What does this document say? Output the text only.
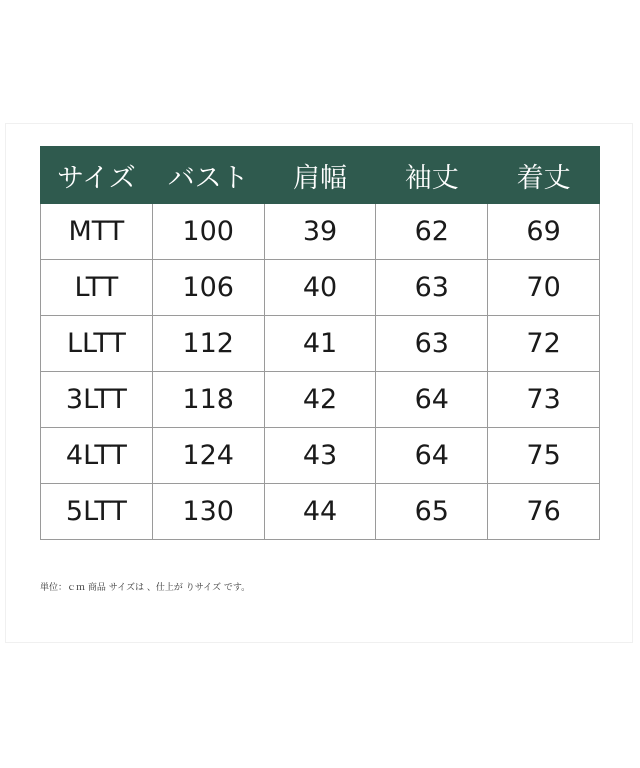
サイズ	バスト	肩幅	袖丈	着丈
MTT	100	39	62	69
LTT	106	40	63	70
LLTT	112	41	63	72
3LTT	118	42	64	73
4LTT	124	43	64	75
5LTT	130	44	65	76
単位：ｃｍ 商品 サイズは 、仕上が りサイズ です。
